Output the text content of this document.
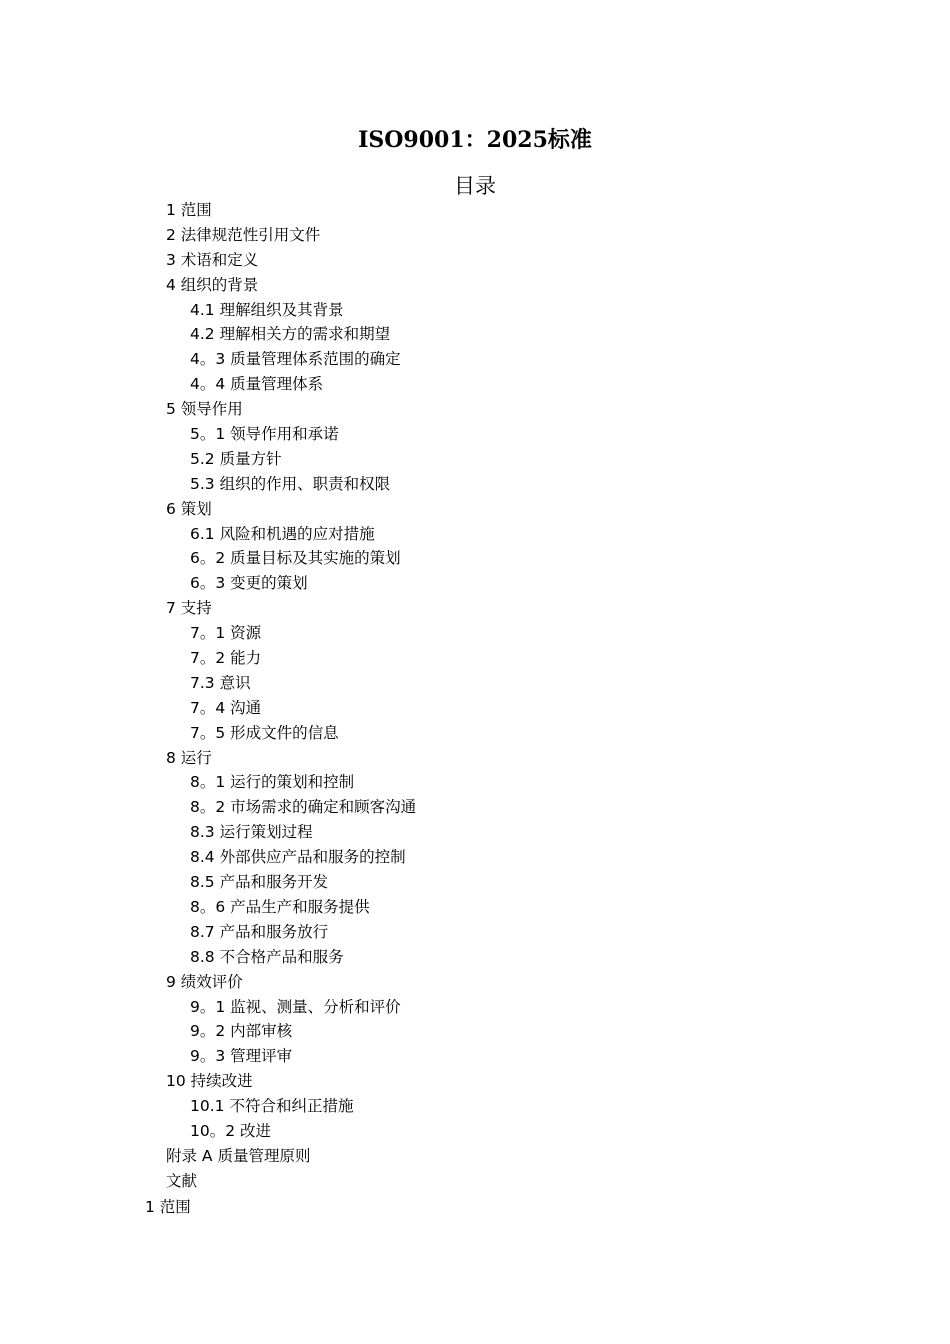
ISO9001：2025标准
目录
1 范围
2 法律规范性引用文件
3 术语和定义
4 组织的背景
4.1 理解组织及其背景
4.2 理解相关方的需求和期望
4。3 质量管理体系范围的确定
4。4 质量管理体系
5 领导作用
5。1 领导作用和承诺
5.2 质量方针
5.3 组织的作用、职责和权限
6 策划
6.1 风险和机遇的应对措施
6。2 质量目标及其实施的策划
6。3 变更的策划
7 支持
7。1 资源
7。2 能力
7.3 意识
7。4 沟通
7。5 形成文件的信息
8 运行
8。1 运行的策划和控制
8。2 市场需求的确定和顾客沟通
8.3 运行策划过程
8.4 外部供应产品和服务的控制
8.5 产品和服务开发
8。6 产品生产和服务提供
8.7 产品和服务放行
8.8 不合格产品和服务
9 绩效评价
9。1 监视、测量、分析和评价
9。2 内部审核
9。3 管理评审
10 持续改进
10.1 不符合和纠正措施
10。2 改进
附录 A 质量管理原则
文献
1 范围
